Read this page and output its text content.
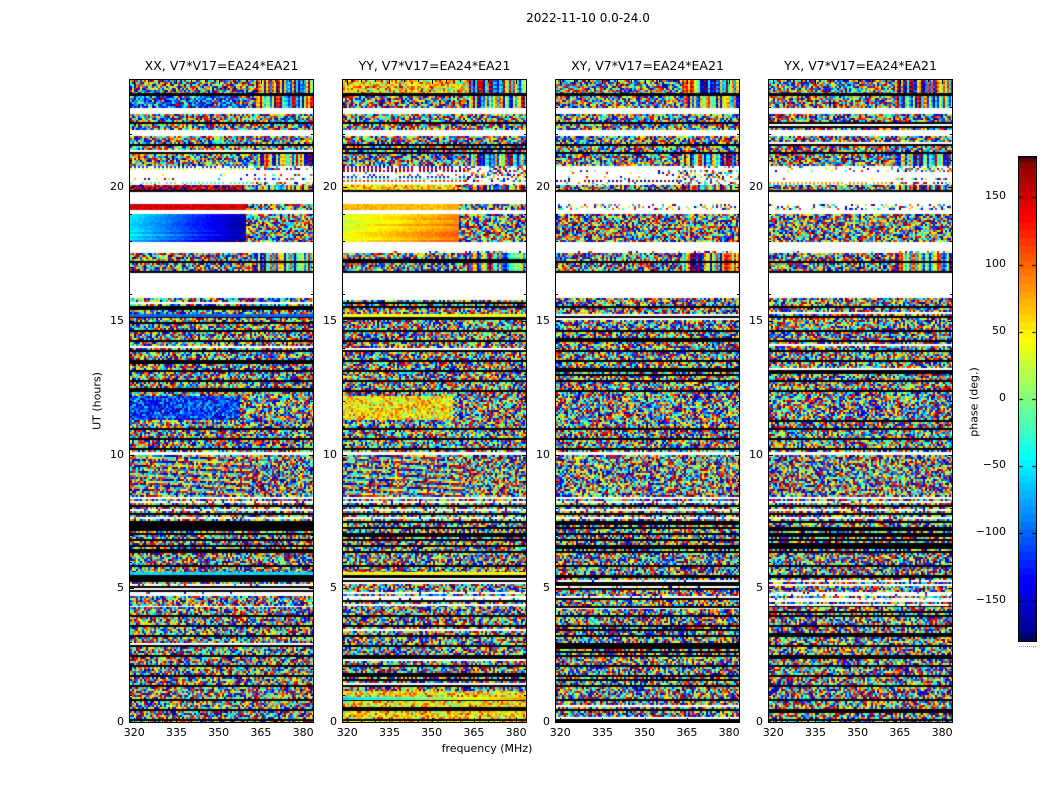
2022-11-10 0.0-24.0
UT (hours)
frequency (MHz)
phase (deg.)
XX, V7*V17=EA24*EA21
320 335 350 365 380
0
5
10
15
20
YY, V7*V17=EA24*EA21
320 335 350 365 380
0
5
10
15
20
XY, V7*V17=EA24*EA21
320 335 350 365 380
0
5
10
15
20
YX, V7*V17=EA24*EA21
320 335 350 365 380
0
5
10
15
20
150
100
50
0
−50
−100
−150
